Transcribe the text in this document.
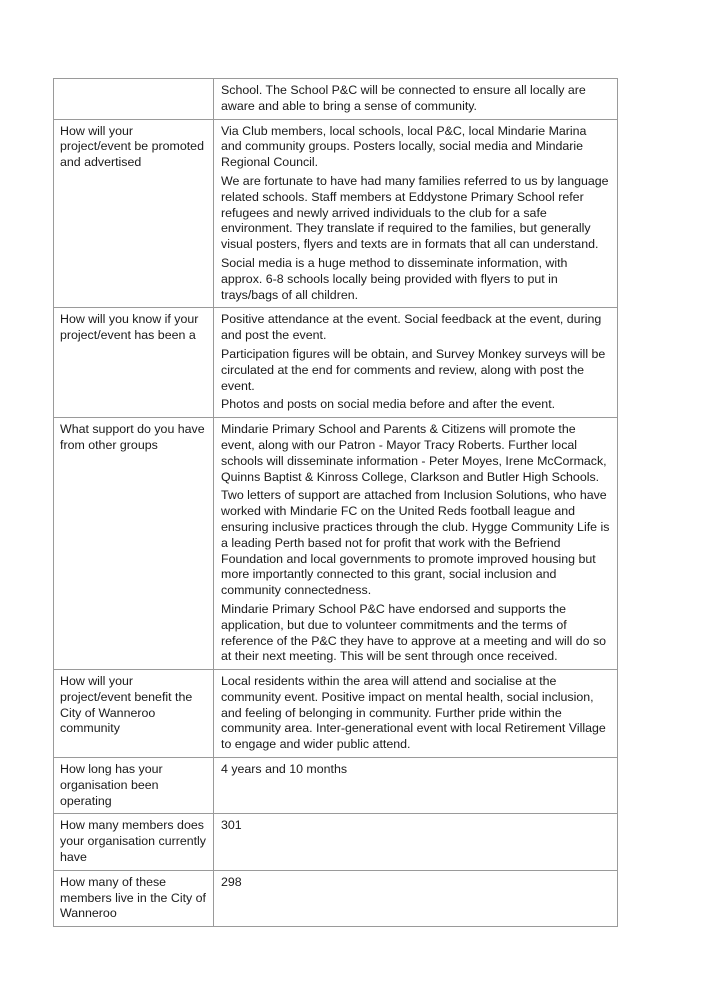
	School. The School P&C will be connected to ensure all locally are aware and able to bring a sense of community.

How will your project/event be promoted and advertised	Via Club members, local schools, local P&C, local Mindarie Marina and community groups. Posters locally, social media and Mindarie Regional Council.

We are fortunate to have had many families referred to us by language related schools. Staff members at Eddystone Primary School refer refugees and newly arrived individuals to the club for a safe environment. They translate if required to the families, but generally visual posters, flyers and texts are in formats that all can understand.

Social media is a huge method to disseminate information, with approx. 6-8 schools locally being provided with flyers to put in trays/bags of all children.

How will you know if your project/event has been a	Positive attendance at the event. Social feedback at the event, during and post the event.

Participation figures will be obtain, and Survey Monkey surveys will be circulated at the end for comments and review, along with post the event.

Photos and posts on social media before and after the event.

What support do you have from other groups	Mindarie Primary School and Parents & Citizens will promote the event, along with our Patron - Mayor Tracy Roberts. Further local schools will disseminate information - Peter Moyes, Irene McCormack, Quinns Baptist & Kinross College, Clarkson and Butler High Schools.

Two letters of support are attached from Inclusion Solutions, who have worked with Mindarie FC on the United Reds football league and ensuring inclusive practices through the club. Hygge Community Life is a leading Perth based not for profit that work with the Befriend Foundation and local governments to promote improved housing but more importantly connected to this grant, social inclusion and community connectedness.

Mindarie Primary School P&C have endorsed and supports the application, but due to volunteer commitments and the terms of reference of the P&C they have to approve at a meeting and will do so at their next meeting. This will be sent through once received.

How will your project/event benefit the City of Wanneroo community	Local residents within the area will attend and socialise at the community event. Positive impact on mental health, social inclusion, and feeling of belonging in community. Further pride within the community area. Inter-generational event with local Retirement Village to engage and wider public attend.

How long has your organisation been operating	4 years and 10 months

How many members does your organisation currently have	301

How many of these members live in the City of Wanneroo	298
